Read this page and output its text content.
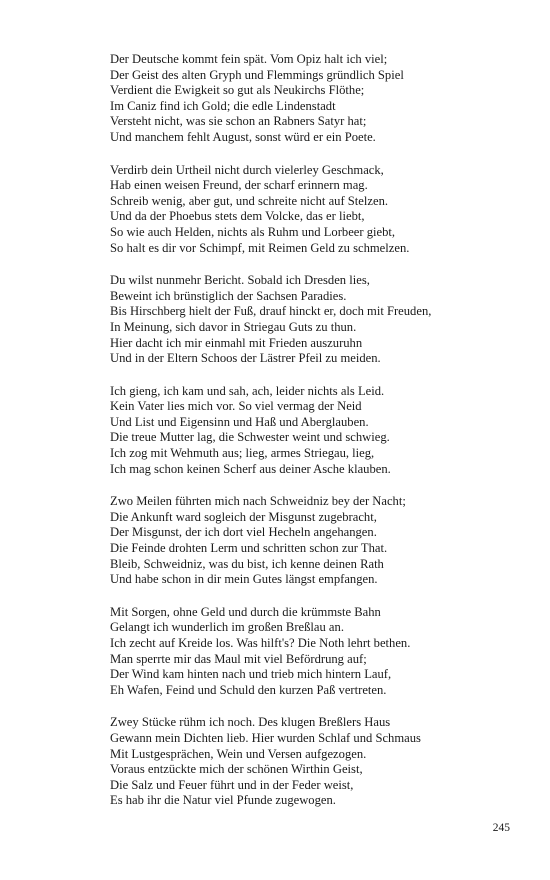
Der Deutsche kommt fein spät. Vom Opiz halt ich viel;
Der Geist des alten Gryph und Flemmings gründlich Spiel
Verdient die Ewigkeit so gut als Neukirchs Flöthe;
Im Caniz find ich Gold; die edle Lindenstadt
Versteht nicht, was sie schon an Rabners Satyr hat;
Und manchem fehlt August, sonst würd er ein Poete.
Verdirb dein Urtheil nicht durch vielerley Geschmack,
Hab einen weisen Freund, der scharf erinnern mag.
Schreib wenig, aber gut, und schreite nicht auf Stelzen.
Und da der Phoebus stets dem Volcke, das er liebt,
So wie auch Helden, nichts als Ruhm und Lorbeer giebt,
So halt es dir vor Schimpf, mit Reimen Geld zu schmelzen.
Du wilst nunmehr Bericht. Sobald ich Dresden lies,
Beweint ich brünstiglich der Sachsen Paradies.
Bis Hirschberg hielt der Fuß, drauf hinckt er, doch mit Freuden,
In Meinung, sich davor in Striegau Guts zu thun.
Hier dacht ich mir einmahl mit Frieden auszuruhn
Und in der Eltern Schoos der Lästrer Pfeil zu meiden.
Ich gieng, ich kam und sah, ach, leider nichts als Leid.
Kein Vater lies mich vor. So viel vermag der Neid
Und List und Eigensinn und Haß und Aberglauben.
Die treue Mutter lag, die Schwester weint und schwieg.
Ich zog mit Wehmuth aus; lieg, armes Striegau, lieg,
Ich mag schon keinen Scherf aus deiner Asche klauben.
Zwo Meilen führten mich nach Schweidniz bey der Nacht;
Die Ankunft ward sogleich der Misgunst zugebracht,
Der Misgunst, der ich dort viel Hecheln angehangen.
Die Feinde drohten Lerm und schritten schon zur That.
Bleib, Schweidniz, was du bist, ich kenne deinen Rath
Und habe schon in dir mein Gutes längst empfangen.
Mit Sorgen, ohne Geld und durch die krümmste Bahn
Gelangt ich wunderlich im großen Breßlau an.
Ich zecht auf Kreide los. Was hilft's? Die Noth lehrt bethen.
Man sperrte mir das Maul mit viel Befördrung auf;
Der Wind kam hinten nach und trieb mich hintern Lauf,
Eh Wafen, Feind und Schuld den kurzen Paß vertreten.
Zwey Stücke rühm ich noch. Des klugen Breßlers Haus
Gewann mein Dichten lieb. Hier wurden Schlaf und Schmaus
Mit Lustgesprächen, Wein und Versen aufgezogen.
Voraus entzückte mich der schönen Wirthin Geist,
Die Salz und Feuer führt und in der Feder weist,
Es hab ihr die Natur viel Pfunde zugewogen.
245
